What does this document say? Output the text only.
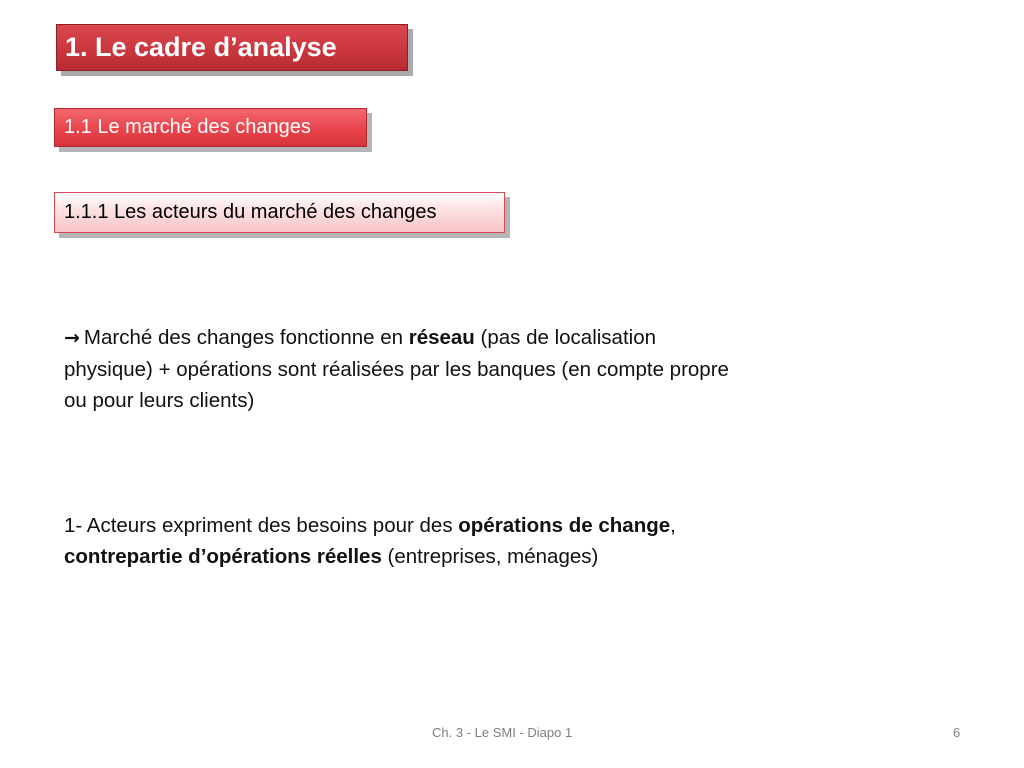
1. Le cadre d’analyse
1.1 Le marché des changes
1.1.1 Les acteurs du marché des changes
→ Marché des changes fonctionne en réseau (pas de localisation
physique) + opérations sont réalisées par les banques (en compte propre
ou pour leurs clients)
1- Acteurs expriment des besoins pour des opérations de change,
contrepartie d’opérations réelles (entreprises, ménages)
Ch. 3 - Le SMI - Diapo 1	6
